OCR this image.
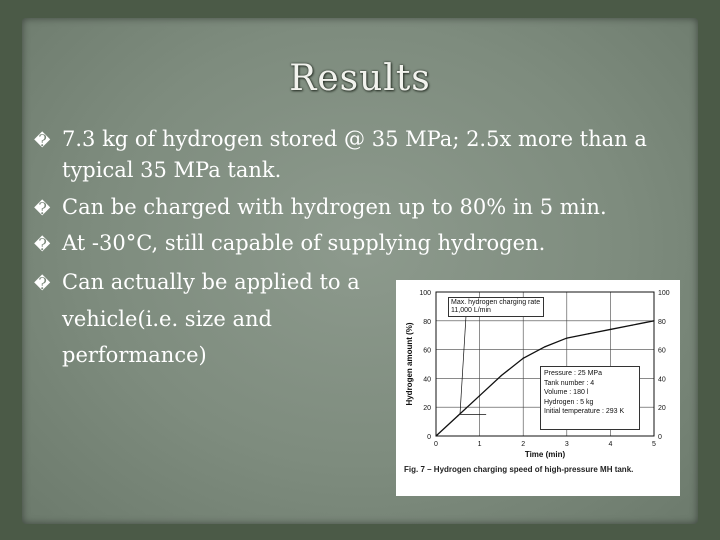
Results
� 7.3 kg of hydrogen stored @ 35 MPa; 2.5x more than a
typical 35 MPa tank.
� Can be charged with hydrogen up to 80% in 5 min.
� At -30°C, still capable of supplying hydrogen.
� Can actually be applied to a
vehicle(i.e. size and
performance)
0	0
20	20
40	40
60	60
80	80
100	100
0	1	2	3	4	5
Time (min)
Hydrogen amount (%)
Max. hydrogen charging rate
11,000 L/min
Pressure : 25 MPa
Tank number : 4
Volume : 180 l
Hydrogen : 5 kg
Initial temperature : 293 K
Fig. 7 – Hydrogen charging speed of high-pressure MH tank.
